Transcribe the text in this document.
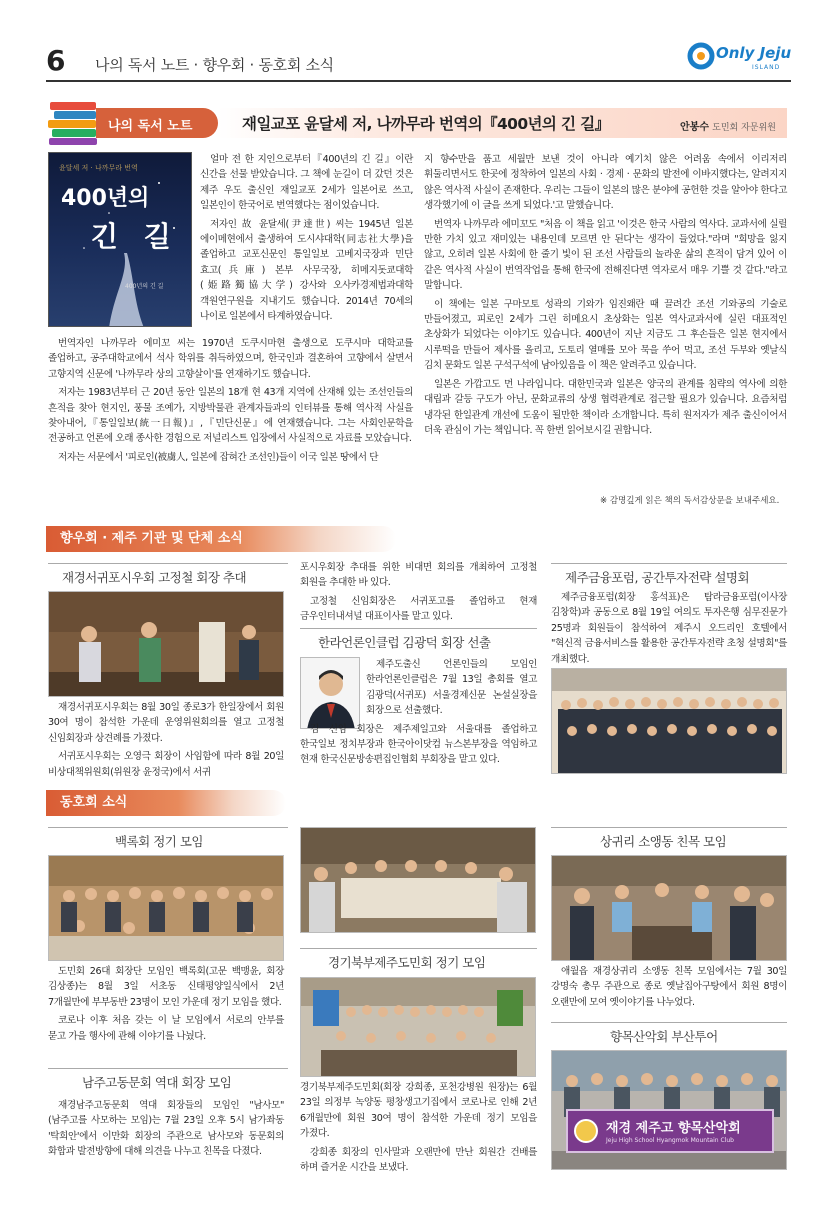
6 나의 독서 노트 · 향우회 · 동호회 소식
Only Jeju
ISLAND
나의 독서 노트	재일교포 윤달세 저, 나까무라 번역의『400년의 긴 길』	안봉수 도민회 자문위원
윤달세 저 · 나까무라 번역
400년의
긴 길
400년의 긴 길

얼마 전 한 지인으로부터『400년의 긴 길』이란 신간을 선물 받았습니다. 그 책에 눈길이 더 갔던 것은 제주 우도 출신인 재일교포 2세가 일본어로 쓰고, 일본인이 한국어로 번역했다는 점이었습니다.

저자인 故 윤달세(尹達世) 씨는 1945년 일본 에이메현에서 출생하여 도시샤대학(同志社大學)을 졸업하고 교포신문인 통일일보 고베지국장과 민단 효고(兵庫) 본부 사무국장, 히메지돗쿄대학(姫路獨協大学) 강사와 오사카경제법과대학 객원연구원을 지내기도 했습니다. 2014년 70세의 나이로 일본에서 타계하였습니다.

번역자인 나까무라 에미꼬 씨는 1970년 도쿠시마현 출생으로 도쿠시마 대학교를 졸업하고, 공주대학교에서 석사 학위를 취득하였으며, 한국인과 결혼하여 고향에서 살면서 고향지역 신문에 '나까무라 상의 고향살이'를 연재하기도 했습니다.

저자는 1983년부터 근 20년 동안 일본의 18개 현 43개 지역에 산재해 있는 조선인들의 흔적을 찾아 현지인, 풍물 조예가, 지방박물관 관계자들과의 인터뷰를 통해 역사적 사실을 찾아내어,『통일일보(統一日報)』,『민단신문』에 연재했습니다. 그는 사회인문학을 전공하고 언론에 오래 종사한 경험으로 저널리스트 입장에서 사실적으로 자료를 모았습니다.

저자는 서문에서 '피로인(被虜人, 일본에 잡혀간 조선인)들이 이국 일본 땅에서 단

지 향수만을 품고 세월만 보낸 것이 아니라 예기치 않은 어려움 속에서 이리저리 휘둘리면서도 한곳에 정착하여 일본의 사회 · 경제 · 문화의 발전에 이바지했다는, 알려지지 않은 역사적 사실이 존재한다. 우리는 그들이 일본의 많은 분야에 공헌한 것을 알아야 한다고 생각했기에 이 글을 쓰게 되었다.'고 말했습니다.

번역자 나까무라 에미꼬도 "처음 이 책을 읽고 '이것은 한국 사람의 역사다. 교과서에 실릴 만한 가치 있고 재미있는 내용인데 모르면 안 된다'는 생각이 들었다."라며 "희망을 잃지 않고, 오히려 일본 사회에 한 줄기 빛이 된 조선 사람들의 놀라운 삶의 흔적이 담겨 있어 이 같은 역사적 사실이 번역작업을 통해 한국에 전해진다면 역자로서 매우 기쁠 것 같다."라고 말합니다.

이 책에는 일본 구마모토 성곽의 기와가 임진왜란 때 끌려간 조선 기와공의 기술로 만들어졌고, 피로인 2세가 그린 히메요시 초상화는 일본 역사교과서에 실린 대표적인 초상화가 되었다는 이야기도 있습니다. 400년이 지난 지금도 그 후손들은 일본 현지에서 시루떡을 만들어 제사를 올리고, 도토리 열매를 모아 묵을 쑤어 먹고, 조선 두부와 옛날식 김치 문화도 일본 구석구석에 남아있음을 이 책은 알려주고 있습니다.

일본은 가깝고도 먼 나라입니다. 대한민국과 일본은 양국의 관계를 침략의 역사에 의한 대립과 갈등 구도가 아닌, 문화교류의 상생 협력관계로 접근할 필요가 있습니다. 요즘처럼 냉각된 한일관계 개선에 도움이 될만한 책이라 소개합니다. 특히 원저자가 제주 출신이어서 더욱 관심이 가는 책입니다. 꼭 한번 읽어보시길 권합니다.

※ 감명깊게 읽은 책의 독서감상문을 보내주세요.
향우회 · 제주 기관 및 단체 소식
재경서귀포시우회 고정철 회장 추대

재경서귀포시우회는 8월 30일 종로3가 한일장에서 회원 30여 명이 참석한 가운데 운영위원회의를 열고 고정철 신임회장과 상견례를 가졌다.

서귀포시우회는 오영극 회장이 사임함에 따라 8월 20일 비상대책위원회(위원장 윤정국)에서 서귀

포시우회장 추대를 위한 비대면 회의를 개최하여 고정철 회원을 추대한 바 있다.

고정철 신임회장은 서귀포고를 졸업하고 현재 금우인터내셔널 대표이사를 맡고 있다.

한라언론인클럽 김광덕 회장 선출

제주도출신 언론인들의 모임인 한라언론인클럽은 7월 13일 총회를 열고 김광덕(서귀포) 서울경제신문 논설실장을 회장으로 선출했다.

김 신임 회장은 제주제일고와 서울대를 졸업하고 한국일보 정치부장과 한국아이닷컴 뉴스본부장을 역임하고 현재 한국신문방송편집인협회 부회장을 맡고 있다.

제주금융포럼, 공간투자전략 설명회

제주금융포럼(회장 홍석표)은 탐라금융포럼(이사장 김창학)과 공동으로 8월 19일 여의도 투자은행 심무진문가 25명과 회원들이 참석하여 제주시 오드리인 호텔에서 "혁신적 금융서비스를 활용한 공간투자전략 초청 설명회"를 개최했다.

동호회 소식
백록회 정기 모임

도민회 26대 회장단 모임인 백록회(고문 백맹윤, 회장 김상종)는 8월 3일 서초동 신태평양일식에서 2년 7개월만에 부부동반 23명이 모인 가운데 정기 모임을 했다.

코로나 이후 처음 갖는 이 날 모임에서 서로의 안부를 묻고 가을 행사에 관해 이야기를 나눴다.

남주고동문회 역대 회장 모임

재경남주고동문회 역대 회장들의 모임인 "남사모"(남주고를 사모하는 모임)는 7월 23일 오후 5시 남가좌동 '탁희안'에서 이만화 회장의 주관으로 남사모와 동문회의 화합과 발전방향에 대해 의견을 나누고 친목을 다졌다.

경기북부제주도민회 정기 모임

경기북부제주도민회(회장 강희종, 포천강병원 원장)는 6월 23일 의정부 녹양동 평창생고기집에서 코로나로 인해 2년 6개월만에 회원 30여 명이 참석한 가운데 정기 모임을 가졌다.

강희종 회장의 인사말과 오랜만에 만난 회원간 건배를 하며 즐거운 시간을 보냈다.

상귀리 소앵동 친목 모임

애월읍 재경상귀리 소앵동 친목 모임에서는 7월 30일 강명숙 총무 주관으로 종로 옛날집아구탕에서 회원 8명이 오랜만에 모여 옛이야기를 나누었다.

향목산악회 부산투어
재경 제주고 향목산악회
Jeju High School Hyangmok Mountain Club
